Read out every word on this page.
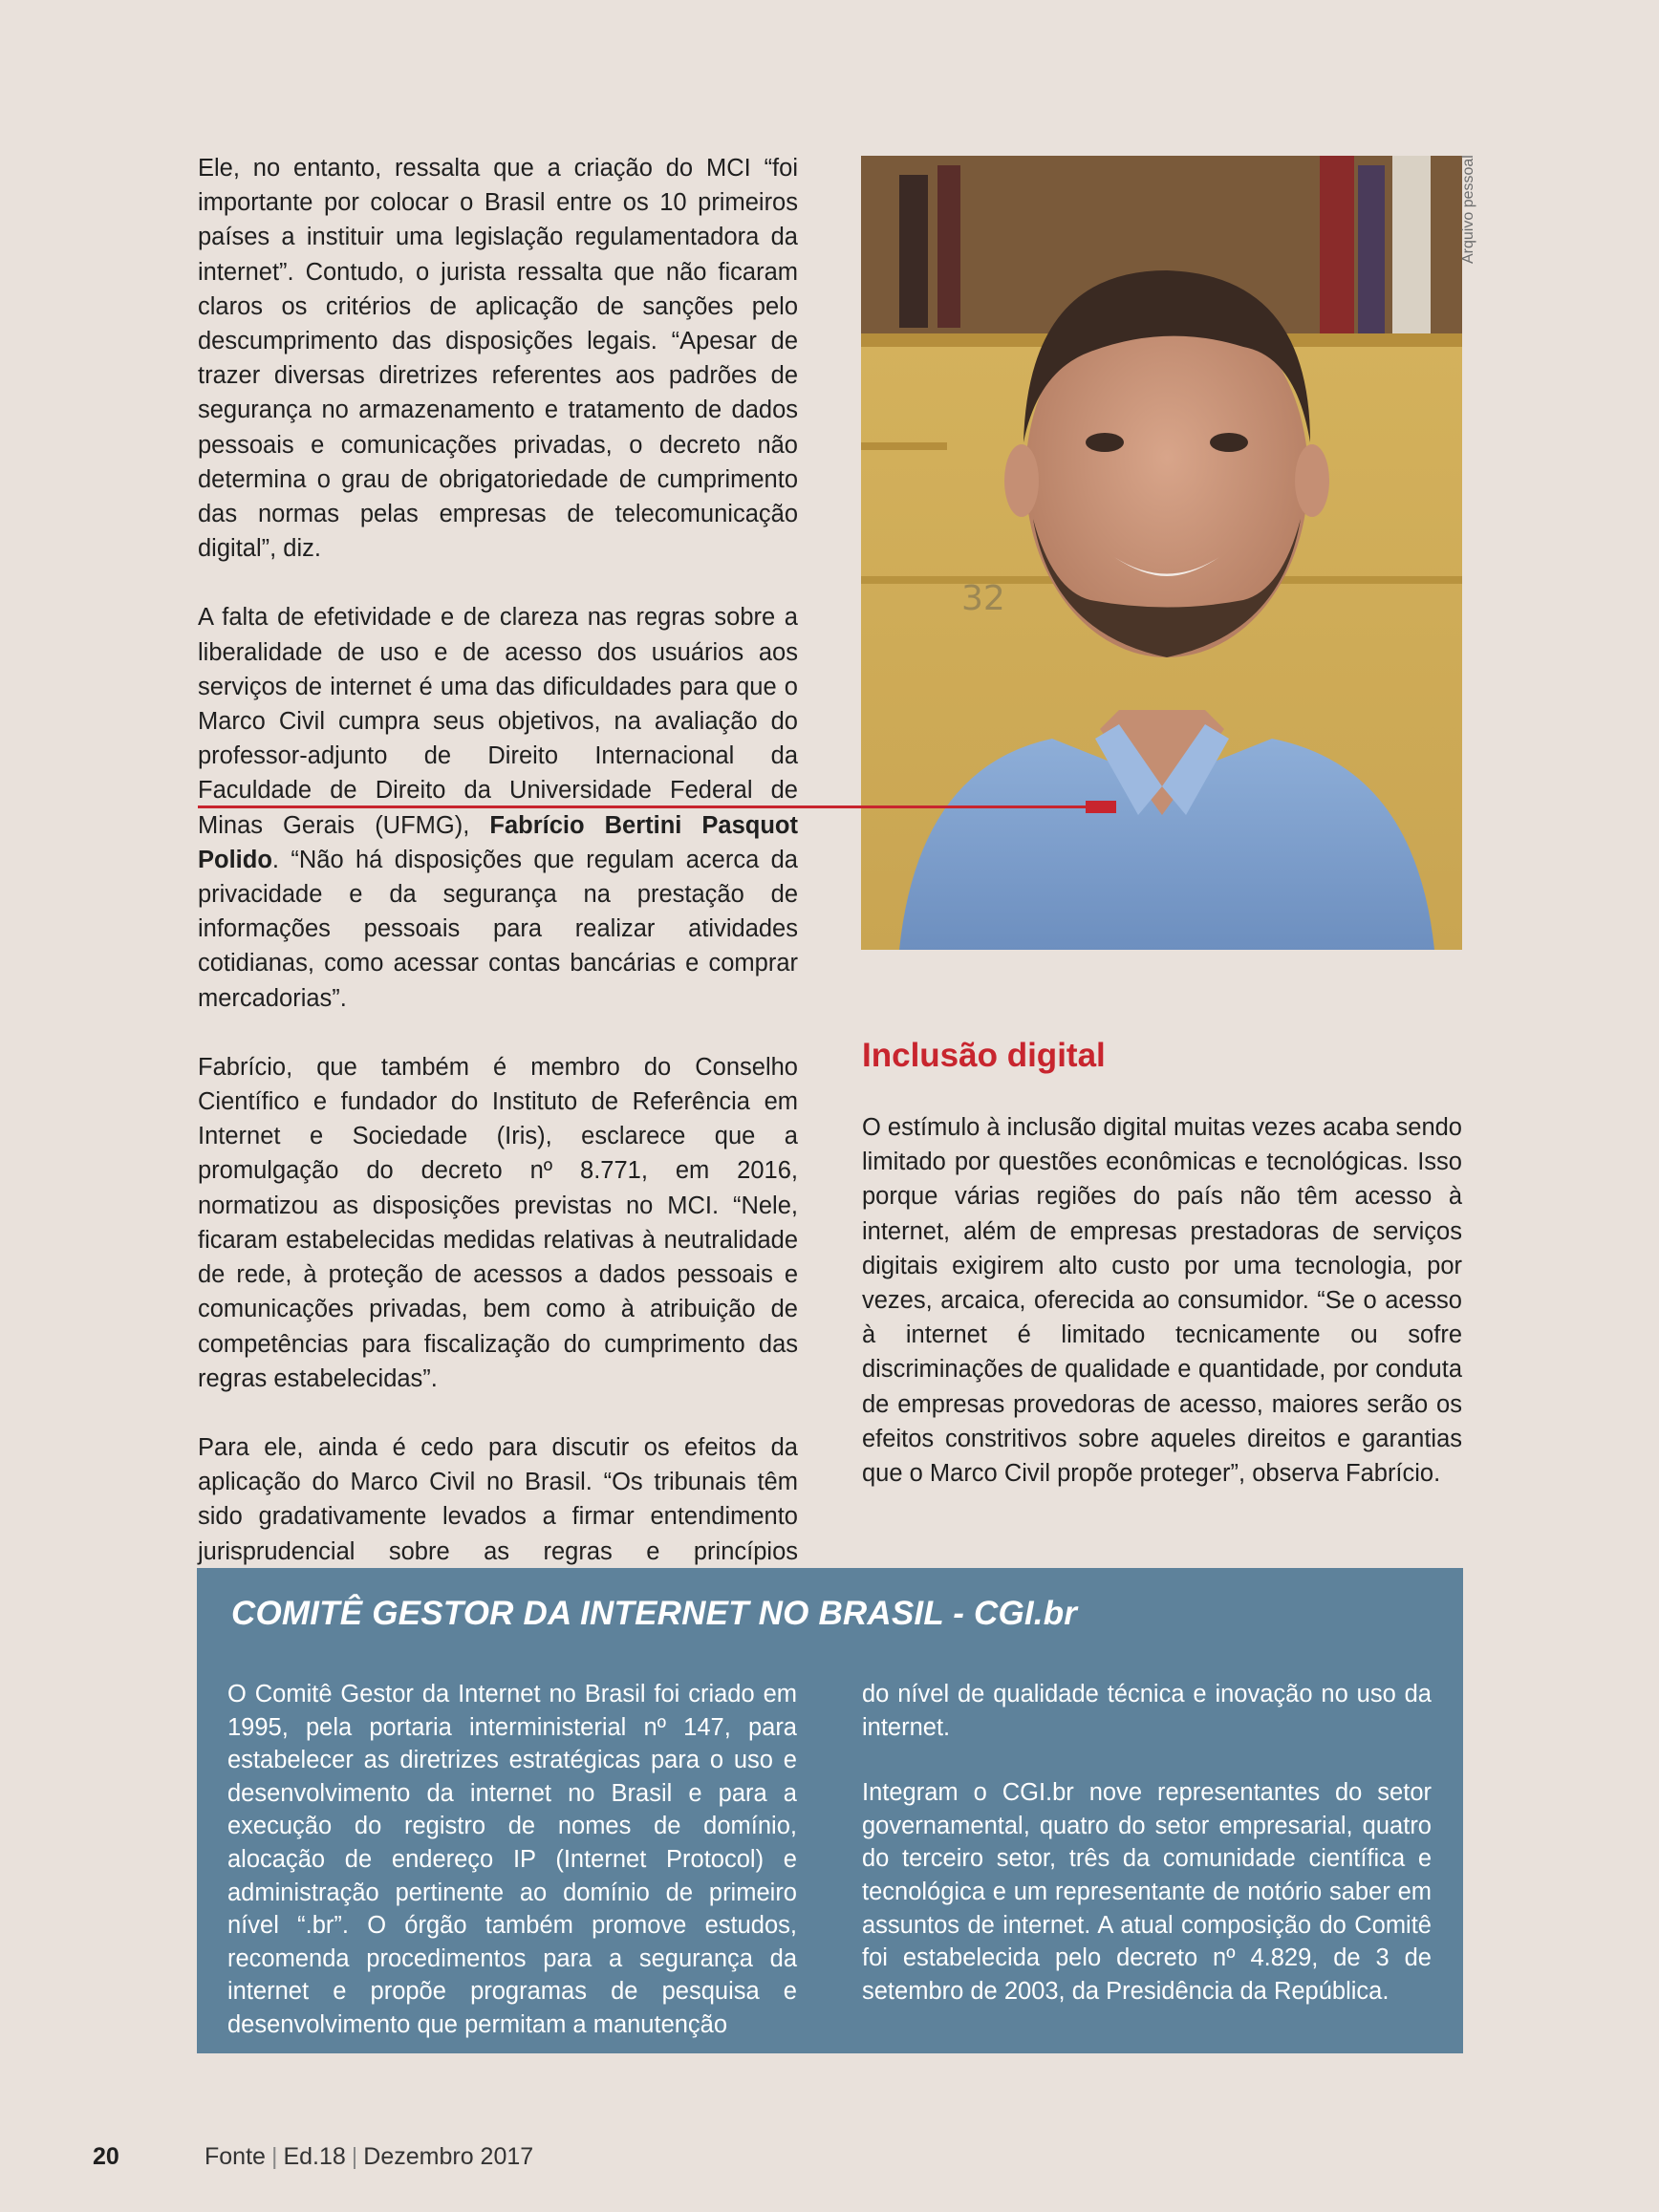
Ele, no entanto, ressalta que a criação do MCI “foi importante por colocar o Brasil entre os 10 primeiros países a instituir uma legislação regulamentadora da internet”. Contudo, o jurista ressalta que não ficaram claros os critérios de aplicação de sanções pelo descumprimento das disposições legais. “Apesar de trazer diversas diretrizes referentes aos padrões de segurança no armazenamento e tratamento de dados pessoais e comunicações privadas, o decreto não determina o grau de obrigatoriedade de cumprimento das normas pelas empresas de telecomunicação digital”, diz.

A falta de efetividade e de clareza nas regras sobre a liberalidade de uso e de acesso dos usuários aos serviços de internet é uma das dificuldades para que o Marco Civil cumpra seus objetivos, na avaliação do professor-adjunto de Direito Internacional da Faculdade de Direito da Universidade Federal de Minas Gerais (UFMG), Fabrício Bertini Pasquot Polido. “Não há disposições que regulam acerca da privacidade e da segurança na prestação de informações pessoais para realizar atividades cotidianas, como acessar contas bancárias e comprar mercadorias”.

Fabrício, que também é membro do Conselho Científico e fundador do Instituto de Referência em Internet e Sociedade (Iris), esclarece que a promulgação do decreto nº 8.771, em 2016, normatizou as disposições previstas no MCI. “Nele, ficaram estabelecidas medidas relativas à neutralidade de rede, à proteção de acessos a dados pessoais e comunicações privadas, bem como à atribuição de competências para fiscalização do cumprimento das regras estabelecidas”.

Para ele, ainda é cedo para discutir os efeitos da aplicação do Marco Civil no Brasil. “Os tribunais têm sido gradativamente levados a firmar entendimento jurisprudencial sobre as regras e princípios

32
Arquivo pessoal
Inclusão digital

O estímulo à inclusão digital muitas vezes acaba sendo limitado por questões econômicas e tecnológicas. Isso porque várias regiões do país não têm acesso à internet, além de empresas prestadoras de serviços digitais exigirem alto custo por uma tecnologia, por vezes, arcaica, oferecida ao consumidor. “Se o acesso à internet é limitado tecnicamente ou sofre discriminações de qualidade e quantidade, por conduta de empresas provedoras de acesso, maiores serão os efeitos constritivos sobre aqueles direitos e garantias que o Marco Civil propõe proteger”, observa Fabrício.

COMITÊ GESTOR DA INTERNET NO BRASIL - CGI.br

O Comitê Gestor da Internet no Brasil foi criado em 1995, pela portaria interministerial nº 147, para estabelecer as diretrizes estratégicas para o uso e desenvolvimento da internet no Brasil e para a execução do registro de nomes de domínio, alocação de endereço IP (Internet Protocol) e administração pertinente ao domínio de primeiro nível “.br”. O órgão também promove estudos, recomenda procedimentos para a segurança da internet e propõe programas de pesquisa e desenvolvimento que permitam a manutenção

do nível de qualidade técnica e inovação no uso da internet.

Integram o CGI.br nove representantes do setor governamental, quatro do setor empresarial, quatro do terceiro setor, três da comunidade científica e tecnológica e um representante de notório saber em assuntos de internet. A atual composição do Comitê foi estabelecida pelo decreto nº 4.829, de 3 de setembro de 2003, da Presidência da República.

20	Fonte | Ed.18 | Dezembro 2017
